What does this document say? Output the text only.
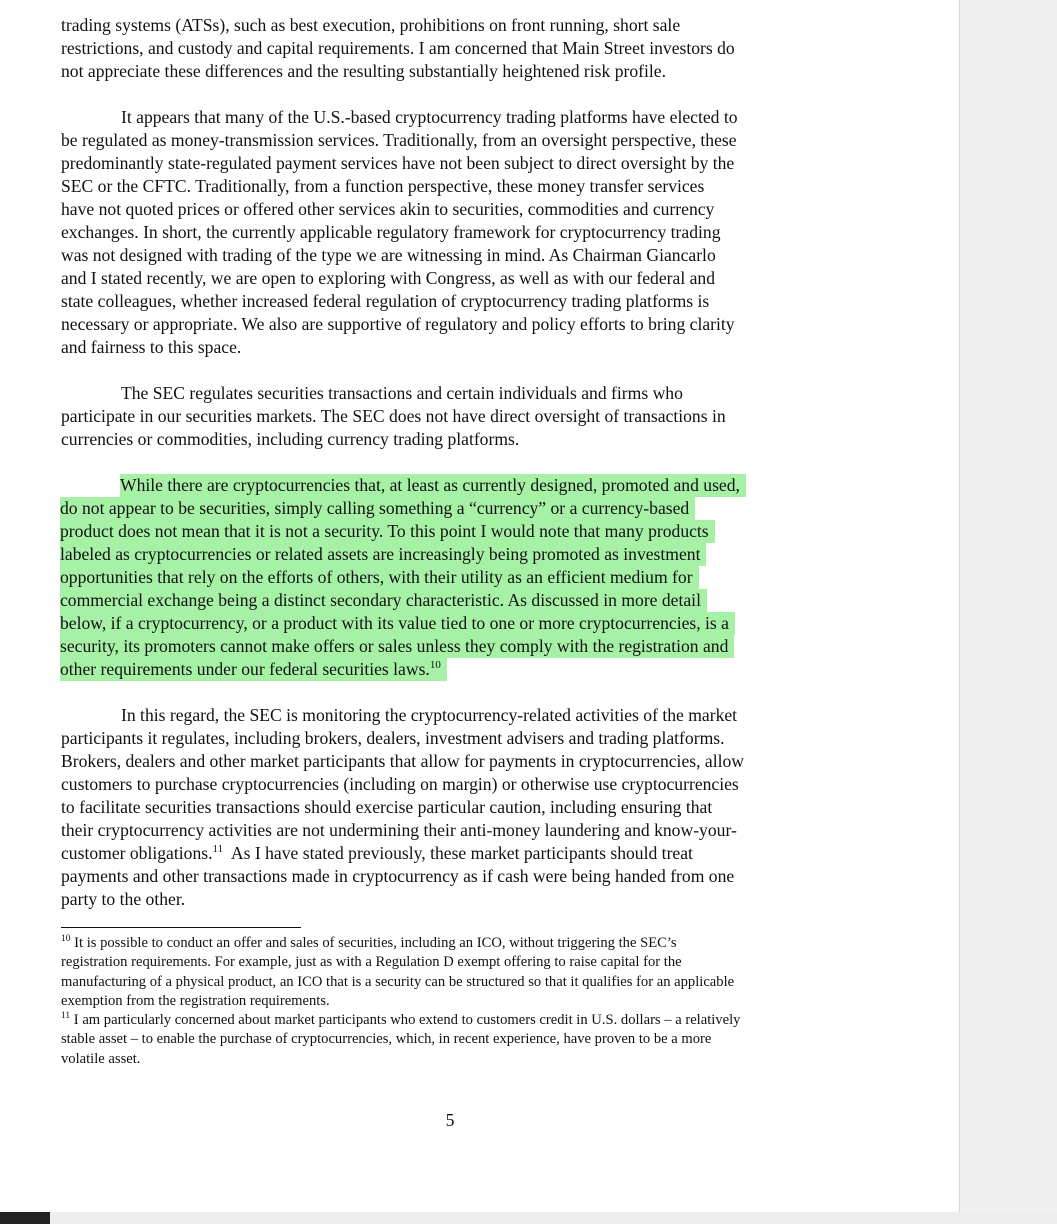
trading systems (ATSs), such as best execution, prohibitions on front running, short sale
restrictions, and custody and capital requirements. I am concerned that Main Street investors do
not appreciate these differences and the resulting substantially heightened risk profile.

It appears that many of the U.S.-based cryptocurrency trading platforms have elected to
be regulated as money-transmission services. Traditionally, from an oversight perspective, these
predominantly state-regulated payment services have not been subject to direct oversight by the
SEC or the CFTC. Traditionally, from a function perspective, these money transfer services
have not quoted prices or offered other services akin to securities, commodities and currency
exchanges. In short, the currently applicable regulatory framework for cryptocurrency trading
was not designed with trading of the type we are witnessing in mind. As Chairman Giancarlo
and I stated recently, we are open to exploring with Congress, as well as with our federal and
state colleagues, whether increased federal regulation of cryptocurrency trading platforms is
necessary or appropriate. We also are supportive of regulatory and policy efforts to bring clarity
and fairness to this space.

The SEC regulates securities transactions and certain individuals and firms who
participate in our securities markets. The SEC does not have direct oversight of transactions in
currencies or commodities, including currency trading platforms.

While there are cryptocurrencies that, at least as currently designed, promoted and used,
do not appear to be securities, simply calling something a “currency” or a currency-based
product does not mean that it is not a security. To this point I would note that many products
labeled as cryptocurrencies or related assets are increasingly being promoted as investment
opportunities that rely on the efforts of others, with their utility as an efficient medium for
commercial exchange being a distinct secondary characteristic. As discussed in more detail
below, if a cryptocurrency, or a product with its value tied to one or more cryptocurrencies, is a
security, its promoters cannot make offers or sales unless they comply with the registration and
other requirements under our federal securities laws.$^{10}$

In this regard, the SEC is monitoring the cryptocurrency-related activities of the market
participants it regulates, including brokers, dealers, investment advisers and trading platforms.
Brokers, dealers and other market participants that allow for payments in cryptocurrencies, allow
customers to purchase cryptocurrencies (including on margin) or otherwise use cryptocurrencies
to facilitate securities transactions should exercise particular caution, including ensuring that
their cryptocurrency activities are not undermining their anti-money laundering and know-your-
customer obligations.$^{11}$  As I have stated previously, these market participants should treat
payments and other transactions made in cryptocurrency as if cash were being handed from one
party to the other.

$^{10}$ It is possible to conduct an offer and sales of securities, including an ICO, without triggering the SEC’s
registration requirements. For example, just as with a Regulation D exempt offering to raise capital for the
manufacturing of a physical product, an ICO that is a security can be structured so that it qualifies for an applicable
exemption from the registration requirements.
$^{11}$ I am particularly concerned about market participants who extend to customers credit in U.S. dollars – a relatively
stable asset – to enable the purchase of cryptocurrencies, which, in recent experience, have proven to be a more
volatile asset.
5
